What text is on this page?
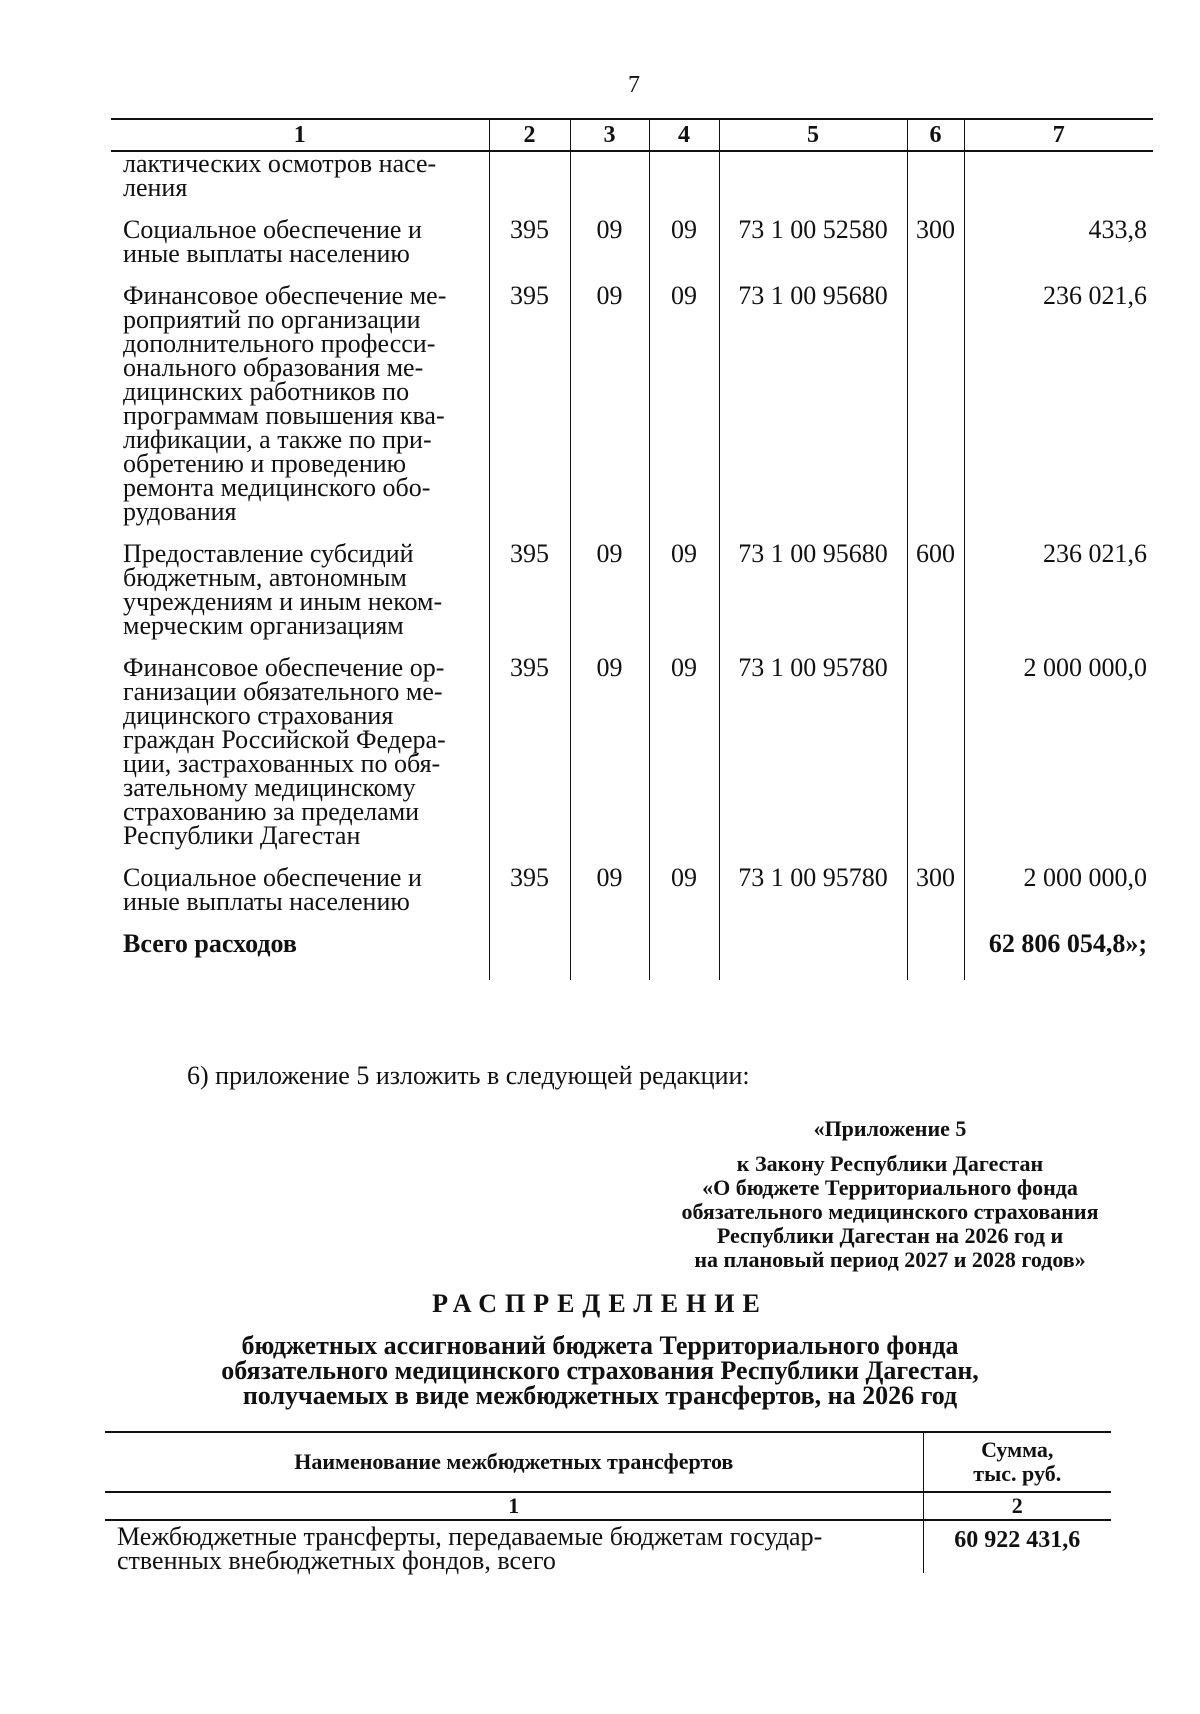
7
1	2	3	4	5	6	7
лактических осмотров насе-ления						

Социальное обеспечение и иные выплаты населению	395	09	09	73 1 00 52580	300	433,8

Финансовое обеспечение ме-роприятий по организации дополнительного професси-онального образования ме-дицинских работников по программам повышения ква-лификации, а также по при-обретению и проведению ремонта медицинского обо-рудования	395	09	09	73 1 00 95680		236 021,6

Предоставление субсидий бюджетным, автономным учреждениям и иным неком-мерческим организациям	395	09	09	73 1 00 95680	600	236 021,6

Финансовое обеспечение ор-ганизации обязательного ме-дицинского страхования граждан Российской Федера-ции, застрахованных по обя-зательному медицинскому страхованию за пределами Республики Дагестан	395	09	09	73 1 00 95780		2 000 000,0

Социальное обеспечение и иные выплаты населению	395	09	09	73 1 00 95780	300	2 000 000,0

Всего расходов						62 806 054,8»;
6) приложение 5 изложить в следующей редакции:
«Приложение 5
к Закону Республики Дагестан
«О бюджете Территориального фонда
обязательного медицинского страхования
Республики Дагестан на 2026 год и
на плановый период 2027 и 2028 годов»
РАСПРЕДЕЛЕНИЕ
бюджетных ассигнований бюджета Территориального фонда
обязательного медицинского страхования Республики Дагестан,
получаемых в виде межбюджетных трансфертов, на 2026 год
Наименование межбюджетных трансфертов	Сумма,
тыс. руб.

1	2
Межбюджетные трансферты, передаваемые бюджетам государ-ственных внебюджетных фондов, всего	60 922 431,6
